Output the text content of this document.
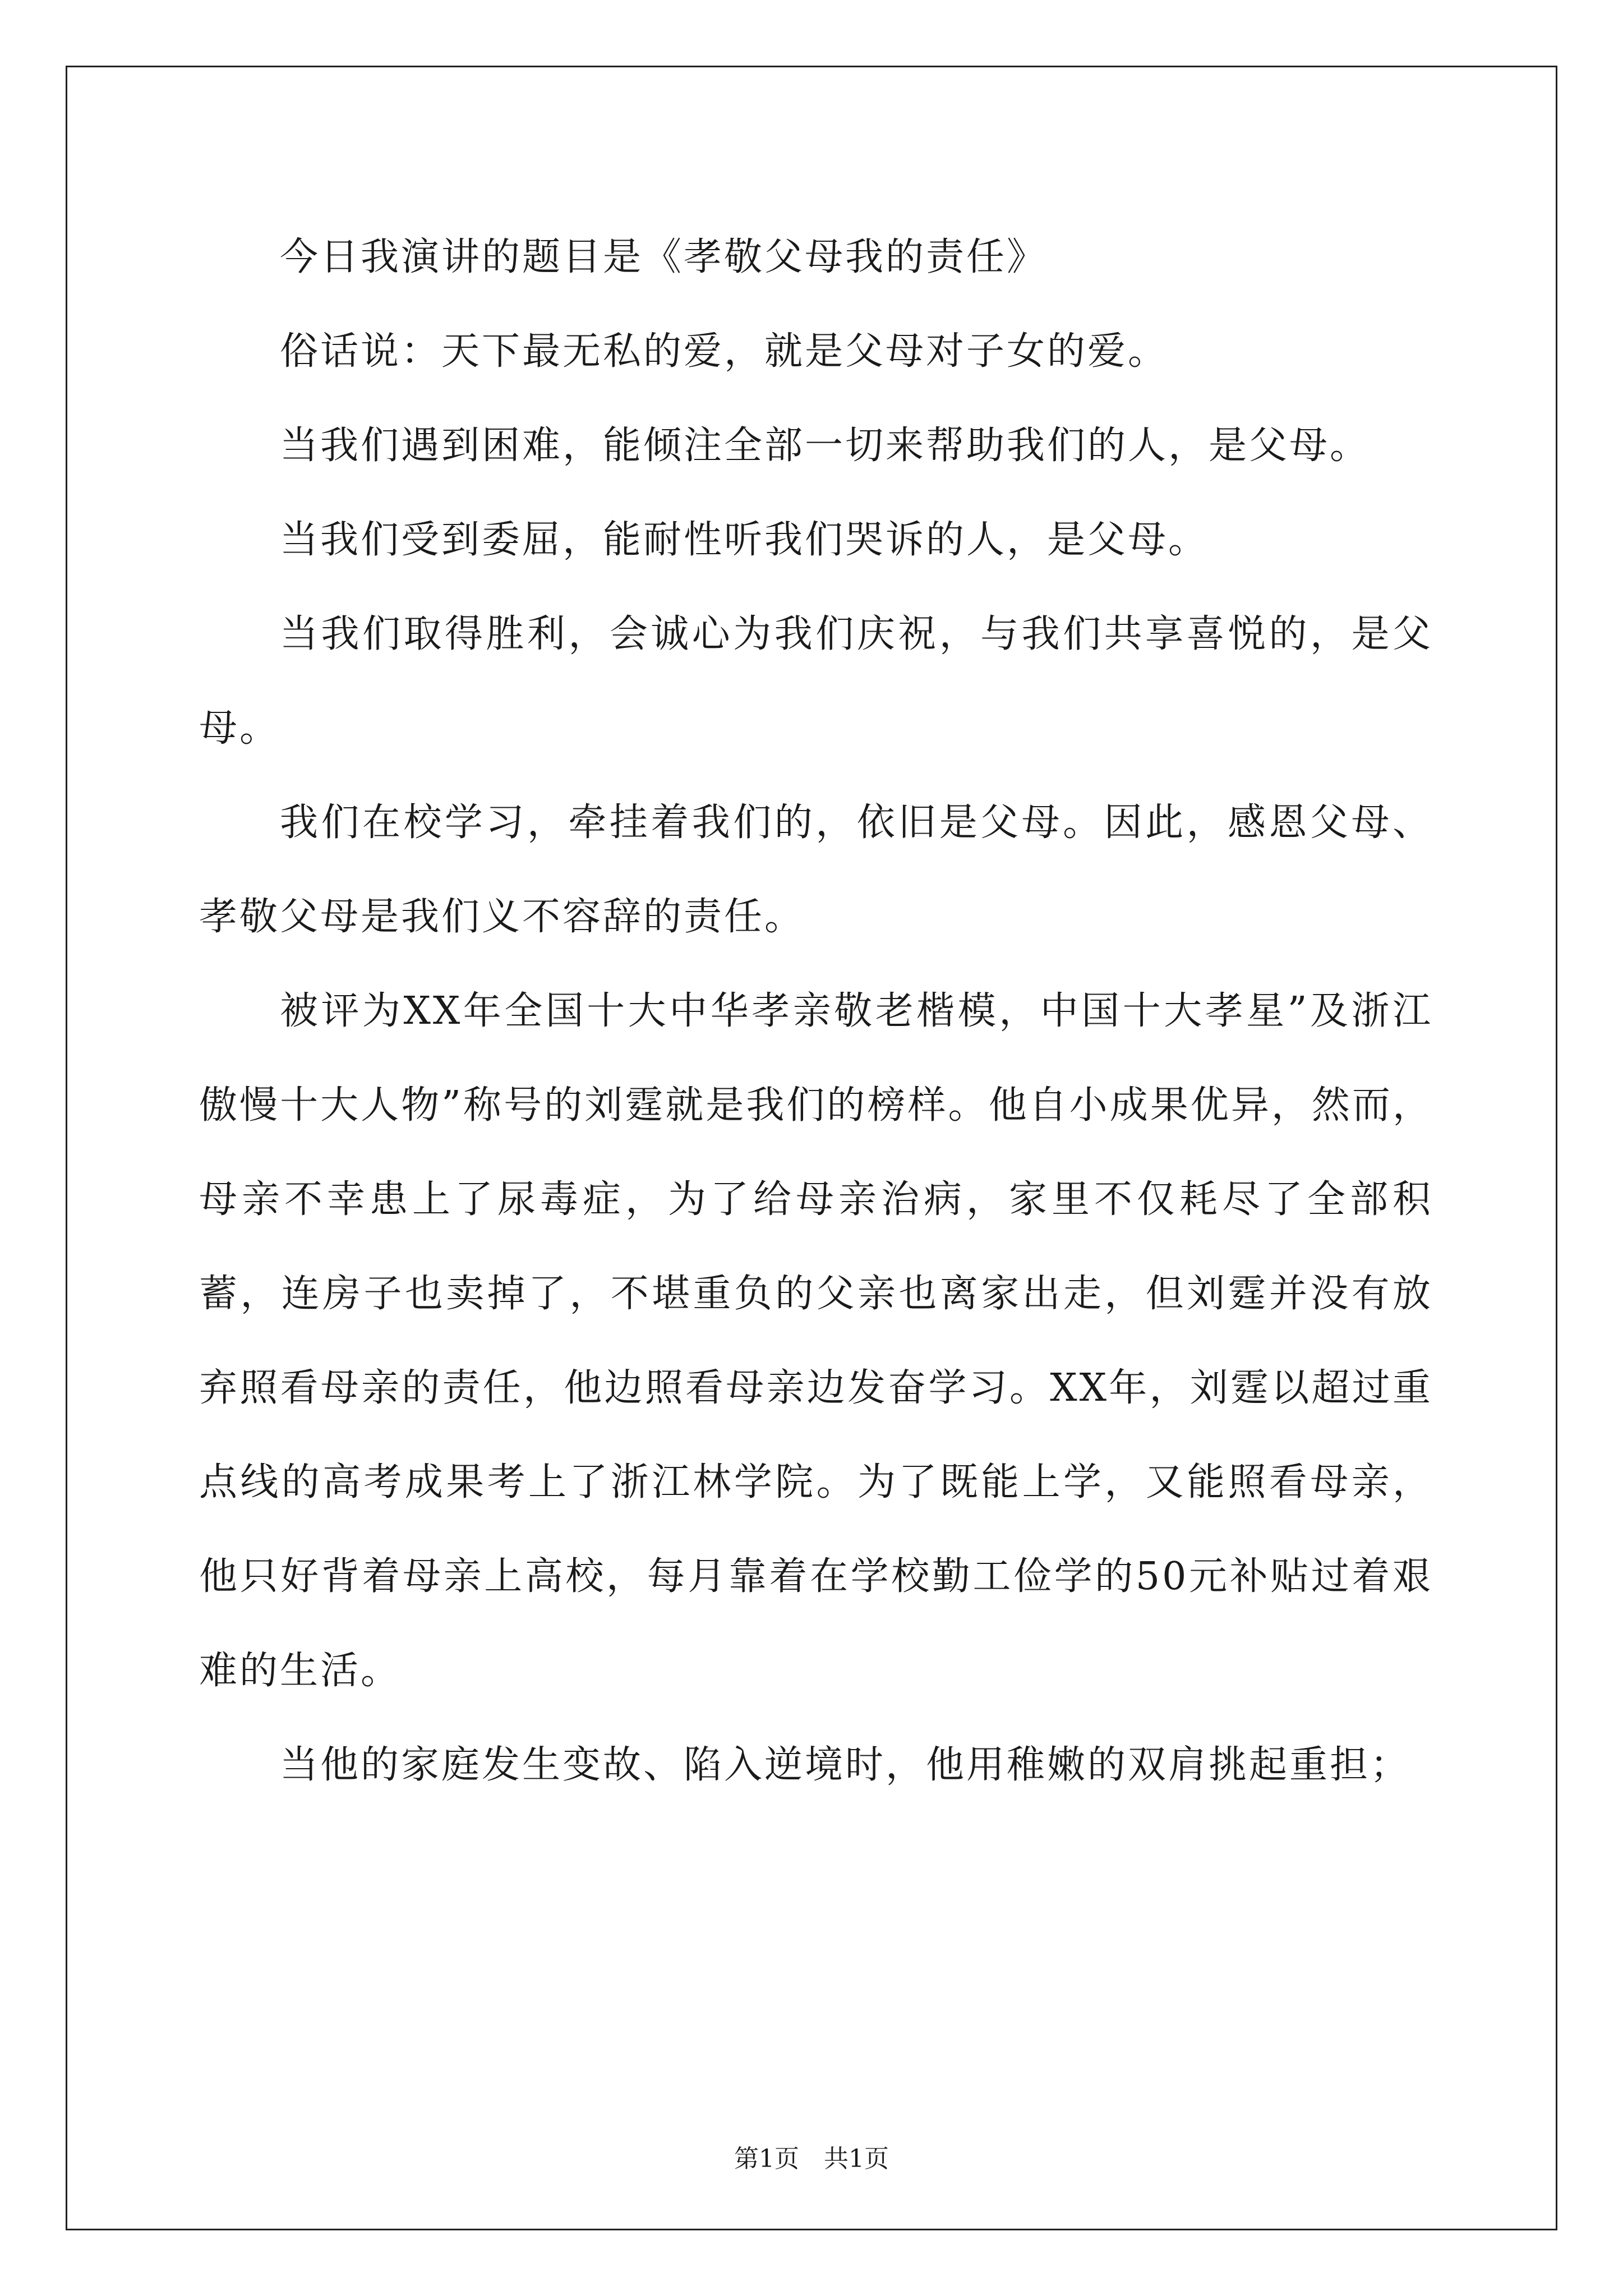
今日我演讲的题目是《孝敬父母我的责任》

俗话说：天下最无私的爱，就是父母对子女的爱。

当我们遇到困难，能倾注全部一切来帮助我们的人，是父母。

当我们受到委屈，能耐性听我们哭诉的人，是父母。

当我们取得胜利，会诚心为我们庆祝，与我们共享喜悦的，是父母。

我们在校学习，牵挂着我们的，依旧是父母。因此，感恩父母、孝敬父母是我们义不容辞的责任。

被评为XX年全国十大中华孝亲敬老楷模，中国十大孝星”及浙江傲慢十大人物”称号的刘霆就是我们的榜样。他自小成果优异，然而，母亲不幸患上了尿毒症，为了给母亲治病，家里不仅耗尽了全部积蓄，连房子也卖掉了，不堪重负的父亲也离家出走，但刘霆并没有放弃照看母亲的责任，他边照看母亲边发奋学习。XX年，刘霆以超过重点线的高考成果考上了浙江林学院。为了既能上学，又能照看母亲，他只好背着母亲上高校，每月靠着在学校勤工俭学的50元补贴过着艰难的生活。

当他的家庭发生变故、陷入逆境时，他用稚嫩的双肩挑起重担；

第1页　共1页
